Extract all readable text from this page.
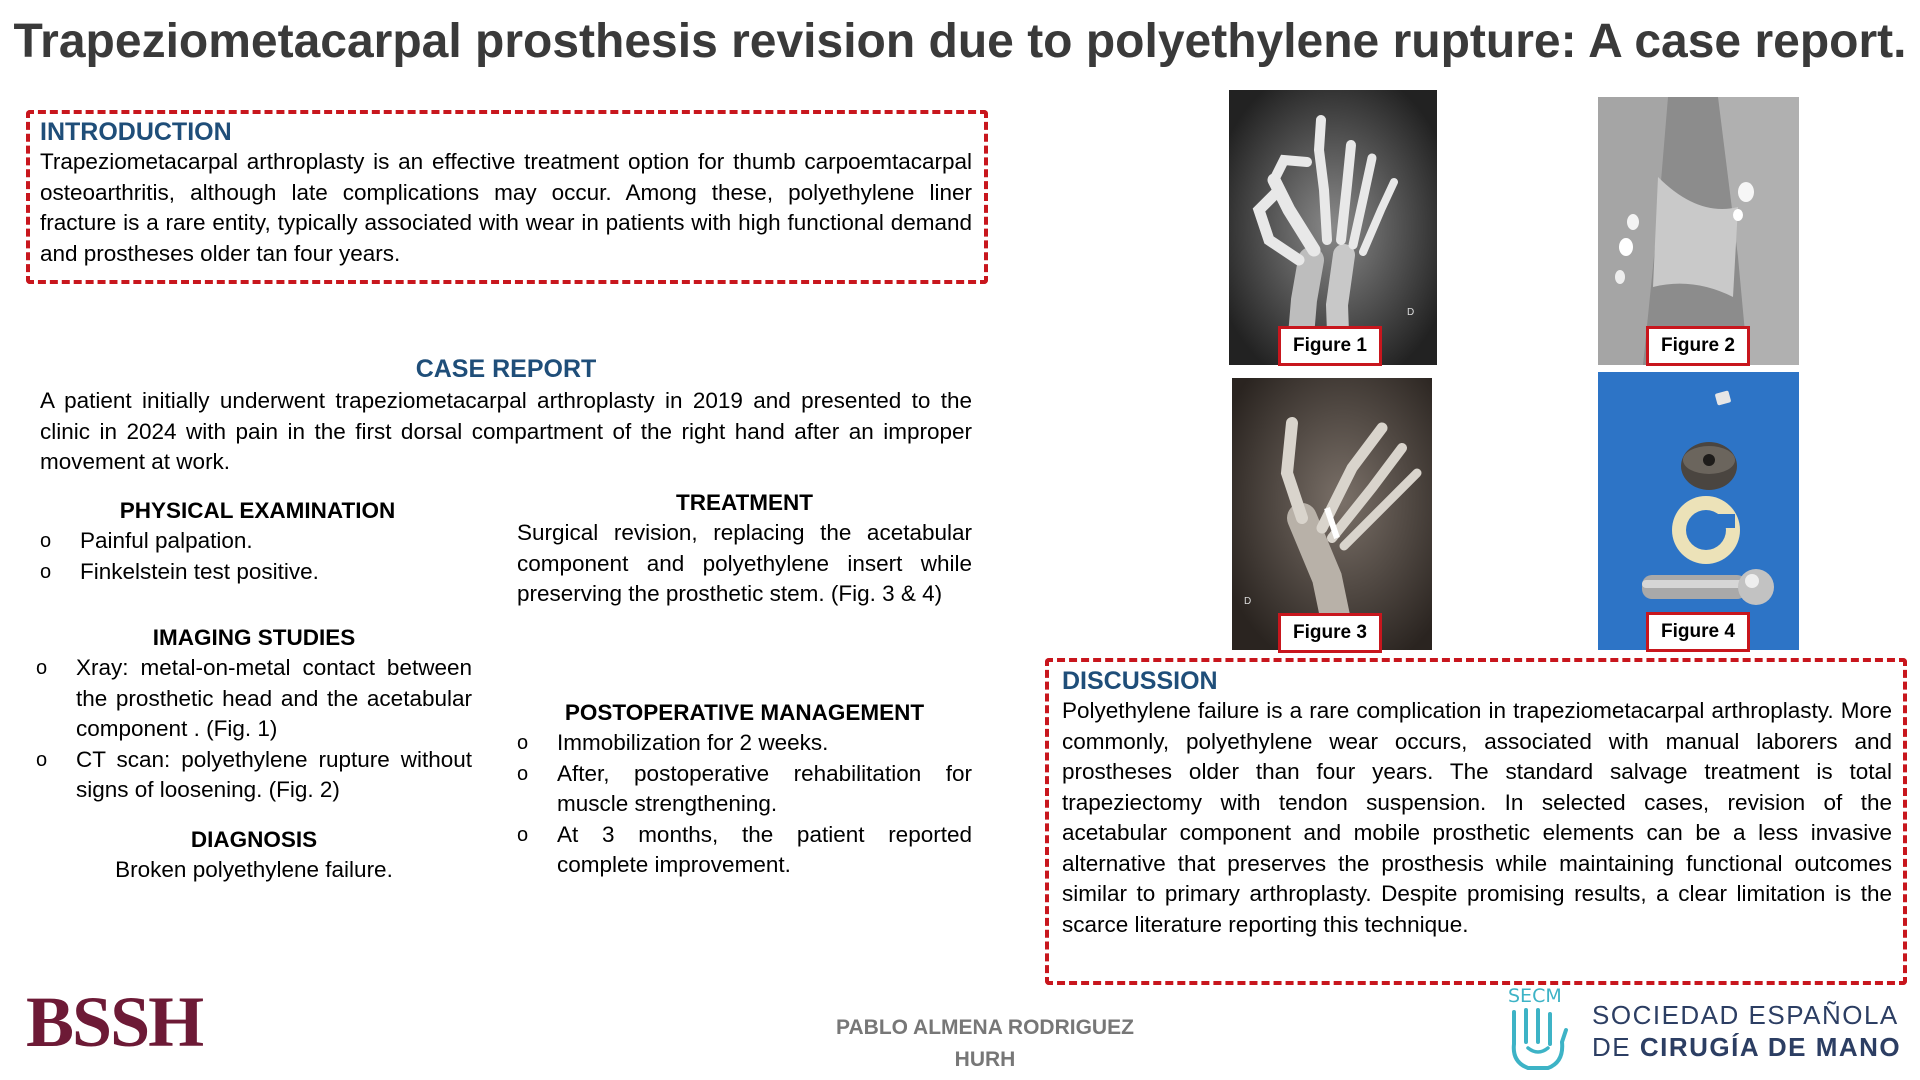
Trapeziometacarpal prosthesis revision due to polyethylene rupture: A case report.

INTRODUCTION

Trapeziometacarpal arthroplasty is an effective treatment option for thumb carpoemtacarpal osteoarthritis, although late complications may occur. Among these, polyethylene liner fracture is a rare entity, typically associated with wear in patients with high functional demand and prostheses older tan four years.

CASE REPORT

A patient initially underwent trapeziometacarpal arthroplasty in 2019 and presented to the clinic in 2024 with pain in the first dorsal compartment of the right hand after an improper movement at work.

PHYSICAL EXAMINATION

o Painful palpation.
o Finkelstein test positive.

IMAGING STUDIES

o Xray: metal-on-metal contact between the prosthetic head and the acetabular component . (Fig. 1)
o CT scan: polyethylene rupture without signs of loosening. (Fig. 2)

DIAGNOSIS

Broken polyethylene failure.

TREATMENT

Surgical revision, replacing the acetabular component and polyethylene insert while preserving the prosthetic stem. (Fig. 3 & 4)

POSTOPERATIVE MANAGEMENT

o Immobilization for 2 weeks.
o After, postoperative rehabilitation for muscle strengthening.
o At 3 months, the patient reported complete improvement.
D
Figure 1	Figure 2
D
Figure 3	Figure 4

DISCUSSION

Polyethylene failure is a rare complication in trapeziometacarpal arthroplasty. More commonly, polyethylene wear occurs, associated with manual laborers and prostheses older than four years. The standard salvage treatment is total trapeziectomy with tendon suspension. In selected cases, revision of the acetabular component and mobile prosthetic elements can be a less invasive alternative that preserves the prosthesis while maintaining functional outcomes similar to primary arthroplasty. Despite promising results, a clear limitation is the scarce literature reporting this technique.

BSSH	PABLO ALMENA RODRIGUEZ
HURH
SECM
SOCIEDAD ESPAÑOLA
DE CIRUGÍA DE MANO
